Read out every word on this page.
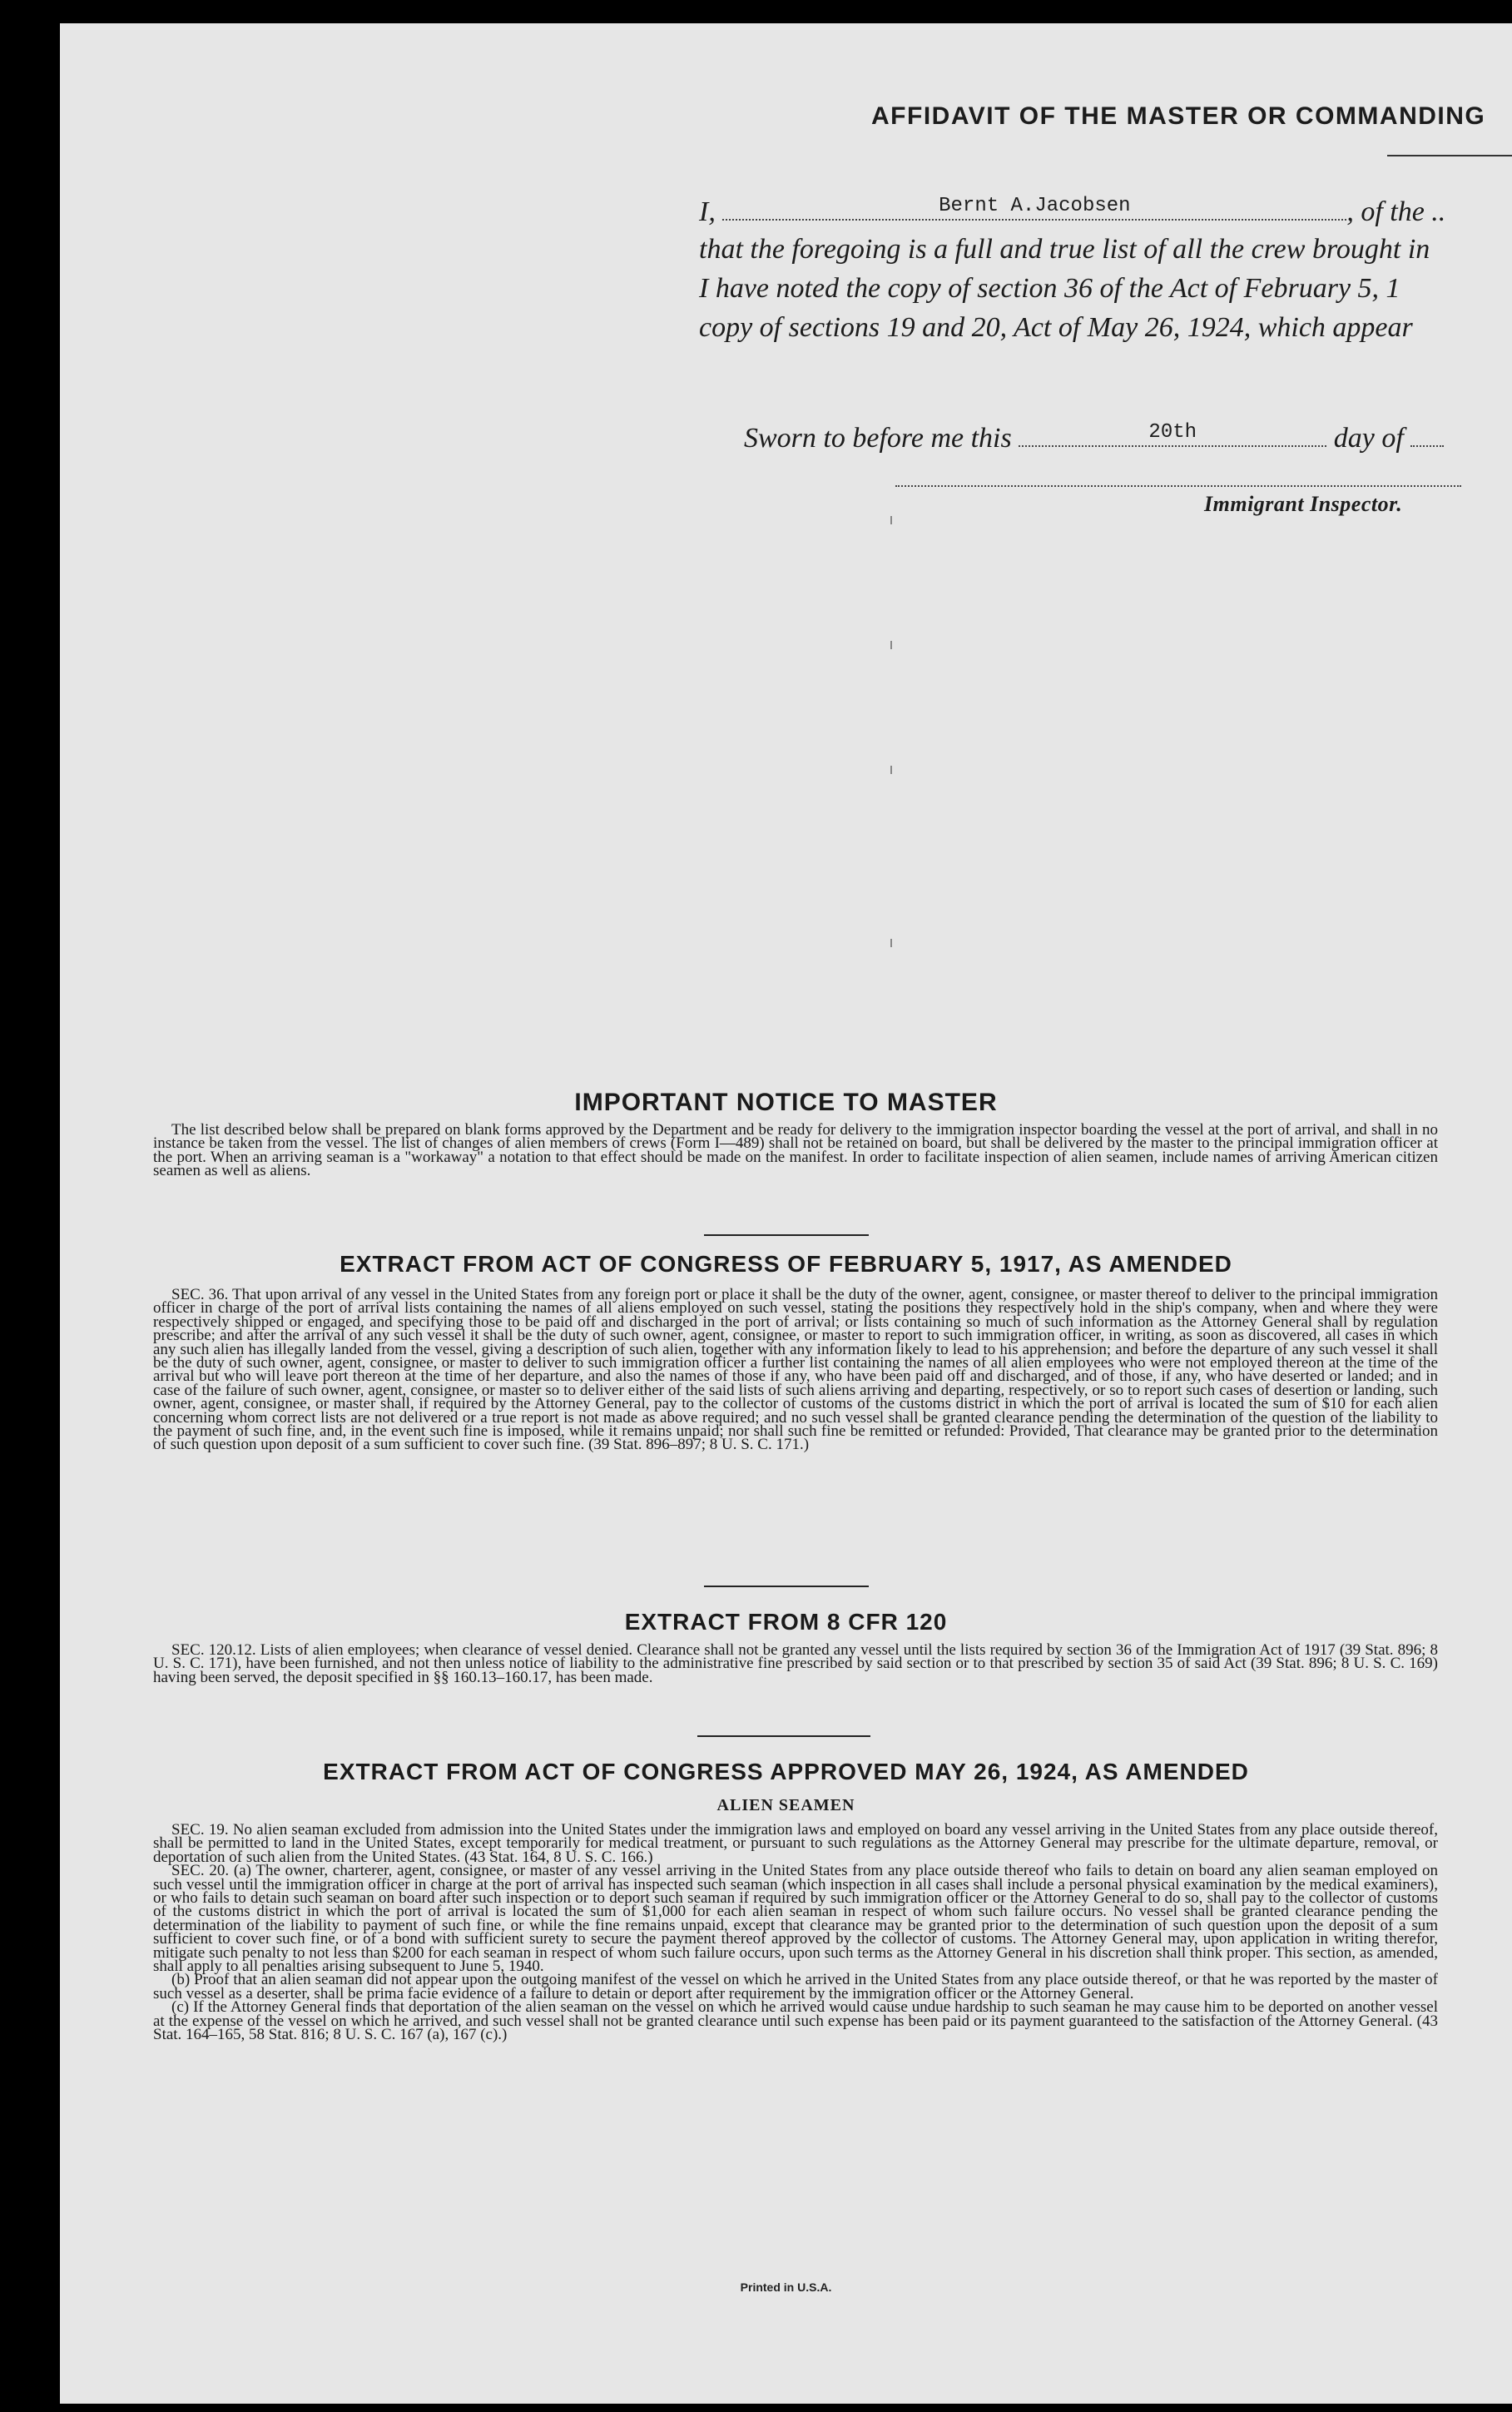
AFFIDAVIT OF THE MASTER OR COMMANDING
I,	Bernt A.Jacobsen	, of the ..
that the foregoing is a full and true list of all the crew brought in
I have noted the copy of section 36 of the Act of February 5, 1
copy of sections 19 and 20, Act of May 26, 1924, which appear
Sworn to before me this	20th	day of
Immigrant Inspector.
IMPORTANT NOTICE TO MASTER
The list described below shall be prepared on blank forms approved by the Department and be ready for delivery to the immigration inspector boarding the vessel at the port of arrival, and shall in no instance be taken from the vessel. The list of changes of alien members of crews (Form I—489) shall not be retained on board, but shall be delivered by the master to the principal immigration officer at the port. When an arriving seaman is a "workaway" a notation to that effect should be made on the manifest. In order to facilitate inspection of alien seamen, include names of arriving American citizen seamen as well as aliens.
EXTRACT FROM ACT OF CONGRESS OF FEBRUARY 5, 1917, AS AMENDED
SEC. 36. That upon arrival of any vessel in the United States from any foreign port or place it shall be the duty of the owner, agent, consignee, or master thereof to deliver to the principal immigration officer in charge of the port of arrival lists containing the names of all aliens employed on such vessel, stating the positions they respectively hold in the ship's company, when and where they were respectively shipped or engaged, and specifying those to be paid off and discharged in the port of arrival; or lists containing so much of such information as the Attorney General shall by regulation prescribe; and after the arrival of any such vessel it shall be the duty of such owner, agent, consignee, or master to report to such immigration officer, in writing, as soon as discovered, all cases in which any such alien has illegally landed from the vessel, giving a description of such alien, together with any information likely to lead to his apprehension; and before the departure of any such vessel it shall be the duty of such owner, agent, consignee, or master to deliver to such immigration officer a further list containing the names of all alien employees who were not employed thereon at the time of the arrival but who will leave port thereon at the time of her departure, and also the names of those if any, who have been paid off and discharged, and of those, if any, who have deserted or landed; and in case of the failure of such owner, agent, consignee, or master so to deliver either of the said lists of such aliens arriving and departing, respectively, or so to report such cases of desertion or landing, such owner, agent, consignee, or master shall, if required by the Attorney General, pay to the collector of customs of the customs district in which the port of arrival is located the sum of $10 for each alien concerning whom correct lists are not delivered or a true report is not made as above required; and no such vessel shall be granted clearance pending the determination of the question of the liability to the payment of such fine, and, in the event such fine is imposed, while it remains unpaid; nor shall such fine be remitted or refunded: Provided, That clearance may be granted prior to the determination of such question upon deposit of a sum sufficient to cover such fine. (39 Stat. 896–897; 8 U. S. C. 171.)
EXTRACT FROM 8 CFR 120
SEC. 120.12. Lists of alien employees; when clearance of vessel denied. Clearance shall not be granted any vessel until the lists required by section 36 of the Immigration Act of 1917 (39 Stat. 896; 8 U. S. C. 171), have been furnished, and not then unless notice of liability to the administrative fine prescribed by said section or to that prescribed by section 35 of said Act (39 Stat. 896; 8 U. S. C. 169) having been served, the deposit specified in §§ 160.13–160.17, has been made.
EXTRACT FROM ACT OF CONGRESS APPROVED MAY 26, 1924, AS AMENDED
ALIEN SEAMEN

SEC. 19. No alien seaman excluded from admission into the United States under the immigration laws and employed on board any vessel arriving in the United States from any place outside thereof, shall be permitted to land in the United States, except temporarily for medical treatment, or pursuant to such regulations as the Attorney General may prescribe for the ultimate departure, removal, or deportation of such alien from the United States. (43 Stat. 164, 8 U. S. C. 166.)

SEC. 20. (a) The owner, charterer, agent, consignee, or master of any vessel arriving in the United States from any place outside thereof who fails to detain on board any alien seaman employed on such vessel until the immigration officer in charge at the port of arrival has inspected such seaman (which inspection in all cases shall include a personal physical examination by the medical examiners), or who fails to detain such seaman on board after such inspection or to deport such seaman if required by such immigration officer or the Attorney General to do so, shall pay to the collector of customs of the customs district in which the port of arrival is located the sum of $1,000 for each alien seaman in respect of whom such failure occurs. No vessel shall be granted clearance pending the determination of the liability to payment of such fine, or while the fine remains unpaid, except that clearance may be granted prior to the determination of such question upon the deposit of a sum sufficient to cover such fine, or of a bond with sufficient surety to secure the payment thereof approved by the collector of customs. The Attorney General may, upon application in writing therefor, mitigate such penalty to not less than $200 for each seaman in respect of whom such failure occurs, upon such terms as the Attorney General in his discretion shall think proper. This section, as amended, shall apply to all penalties arising subsequent to June 5, 1940.

(b) Proof that an alien seaman did not appear upon the outgoing manifest of the vessel on which he arrived in the United States from any place outside thereof, or that he was reported by the master of such vessel as a deserter, shall be prima facie evidence of a failure to detain or deport after requirement by the immigration officer or the Attorney General.

(c) If the Attorney General finds that deportation of the alien seaman on the vessel on which he arrived would cause undue hardship to such seaman he may cause him to be deported on another vessel at the expense of the vessel on which he arrived, and such vessel shall not be granted clearance until such expense has been paid or its payment guaranteed to the satisfaction of the Attorney General. (43 Stat. 164–165, 58 Stat. 816; 8 U. S. C. 167 (a), 167 (c).)

Printed in U.S.A.
